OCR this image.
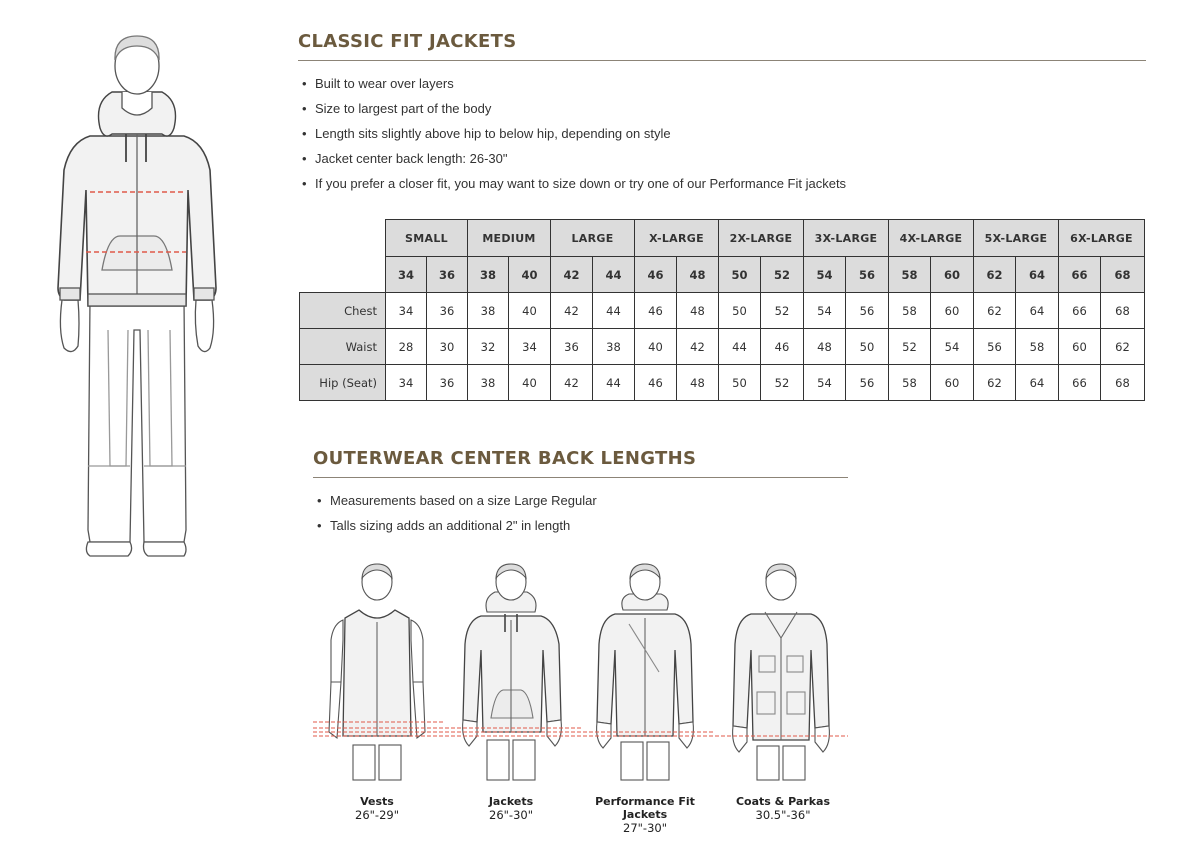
CLASSIC FIT JACKETS
• Built to wear over layers
• Size to largest part of the body
• Length sits slightly above hip to below hip, depending on style
• Jacket center back length: 26-30"
• If you prefer a closer fit, you may want to size down or try one of our Performance Fit jackets
	SMALL		MEDIUM		LARGE		X-LARGE		2X-LARGE		3X-LARGE		4X-LARGE		5X-LARGE		6X-LARGE	
	34	36	38	40	42	44	46	48	50	52	54	56	58	60	62	64	66	68
Chest	34	36	38	40	42	44	46	48	50	52	54	56	58	60	62	64	66	68
Waist	28	30	32	34	36	38	40	42	44	46	48	50	52	54	56	58	60	62
Hip (Seat)	34	36	38	40	42	44	46	48	50	52	54	56	58	60	62	64	66	68
OUTERWEAR CENTER BACK LENGTHS
• Measurements based on a size Large Regular
• Talls sizing adds an additional 2" in length
Vests
26"-29"
Jackets
26"-30"
Performance Fit Jackets
27"-30"
Coats & Parkas
30.5"-36"
